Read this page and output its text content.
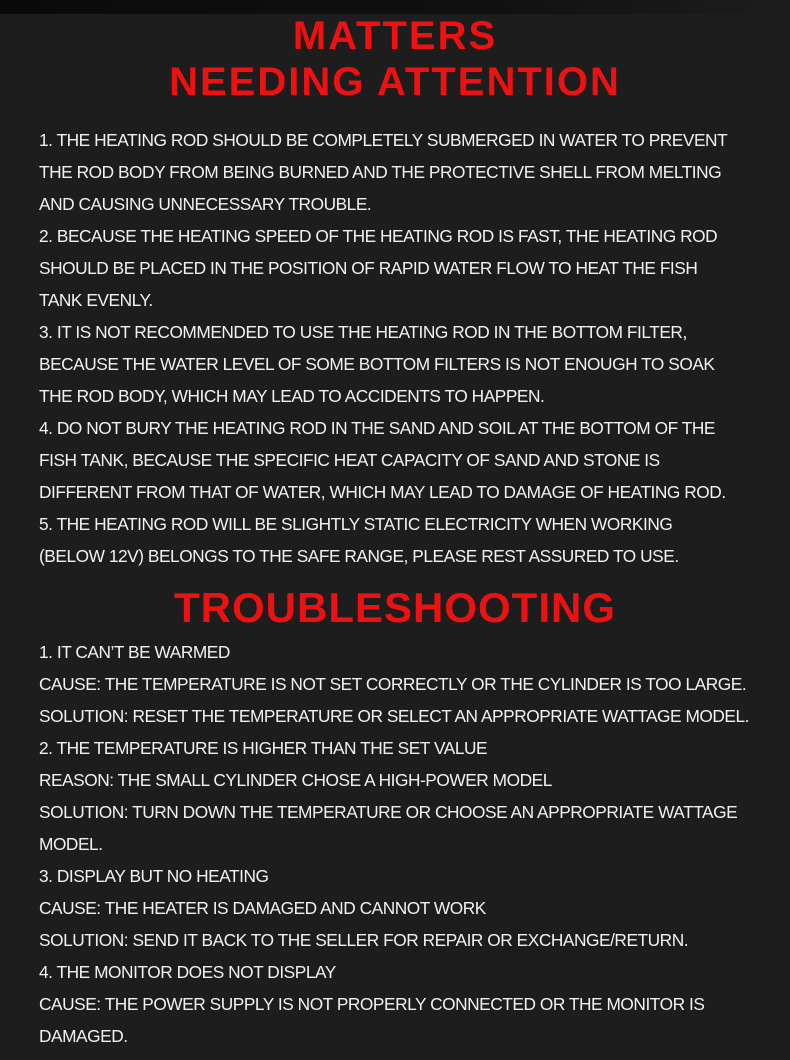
MATTERS
NEEDING ATTENTION
1. THE HEATING ROD SHOULD BE COMPLETELY SUBMERGED IN WATER TO PREVENT
THE ROD BODY FROM BEING BURNED AND THE PROTECTIVE SHELL FROM MELTING
AND CAUSING UNNECESSARY TROUBLE.
2. BECAUSE THE HEATING SPEED OF THE HEATING ROD IS FAST, THE HEATING ROD
SHOULD BE PLACED IN THE POSITION OF RAPID WATER FLOW TO HEAT THE FISH
TANK EVENLY.
3. IT IS NOT RECOMMENDED TO USE THE HEATING ROD IN THE BOTTOM FILTER,
BECAUSE THE WATER LEVEL OF SOME BOTTOM FILTERS IS NOT ENOUGH TO SOAK
THE ROD BODY, WHICH MAY LEAD TO ACCIDENTS TO HAPPEN.
4. DO NOT BURY THE HEATING ROD IN THE SAND AND SOIL AT THE BOTTOM OF THE
FISH TANK, BECAUSE THE SPECIFIC HEAT CAPACITY OF SAND AND STONE IS
DIFFERENT FROM THAT OF WATER, WHICH MAY LEAD TO DAMAGE OF HEATING ROD.
5. THE HEATING ROD WILL BE SLIGHTLY STATIC ELECTRICITY WHEN WORKING
(BELOW 12V) BELONGS TO THE SAFE RANGE, PLEASE REST ASSURED TO USE.
TROUBLESHOOTING
1. IT CAN’T BE WARMED
CAUSE: THE TEMPERATURE IS NOT SET CORRECTLY OR THE CYLINDER IS TOO LARGE.
SOLUTION: RESET THE TEMPERATURE OR SELECT AN APPROPRIATE WATTAGE MODEL.
2. THE TEMPERATURE IS HIGHER THAN THE SET VALUE
REASON: THE SMALL CYLINDER CHOSE A HIGH-POWER MODEL
SOLUTION: TURN DOWN THE TEMPERATURE OR CHOOSE AN APPROPRIATE WATTAGE
MODEL.
3. DISPLAY BUT NO HEATING
CAUSE: THE HEATER IS DAMAGED AND CANNOT WORK
SOLUTION: SEND IT BACK TO THE SELLER FOR REPAIR OR EXCHANGE/RETURN.
4. THE MONITOR DOES NOT DISPLAY
CAUSE: THE POWER SUPPLY IS NOT PROPERLY CONNECTED OR THE MONITOR IS
DAMAGED.
